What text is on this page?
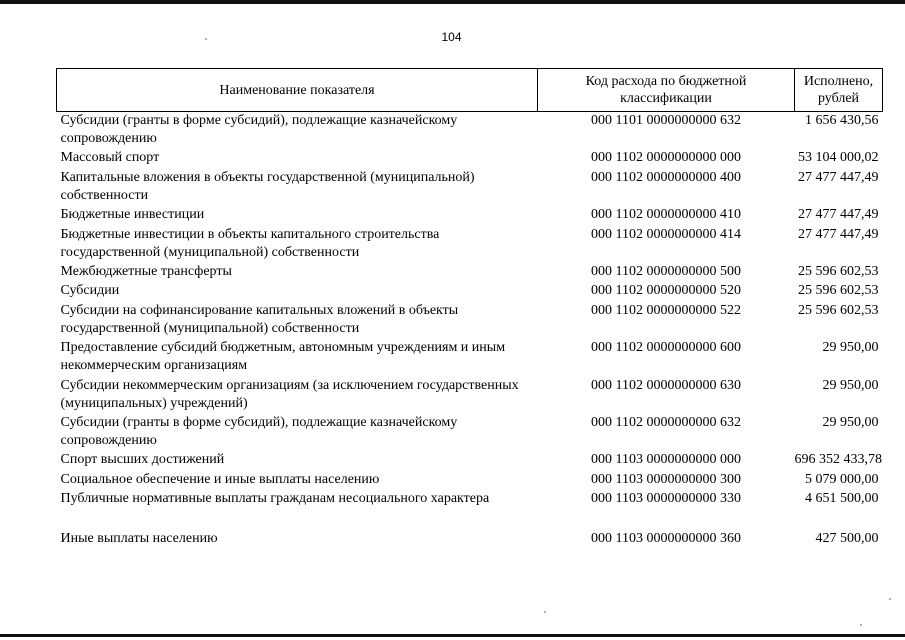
104
Наименование показателя	Код расхода по бюджетной классификации	Исполнено, рублей
Субсидии (гранты в форме субсидий), подлежащие казначейскому сопровождению	000 1101 0000000000 632	1 656 430,56
Массовый спорт	000 1102 0000000000 000	53 104 000,02
Капитальные вложения в объекты государственной (муниципальной) собственности	000 1102 0000000000 400	27 477 447,49
Бюджетные инвестиции	000 1102 0000000000 410	27 477 447,49
Бюджетные инвестиции в объекты капитального строительства государственной (муниципальной) собственности	000 1102 0000000000 414	27 477 447,49
Межбюджетные трансферты	000 1102 0000000000 500	25 596 602,53
Субсидии	000 1102 0000000000 520	25 596 602,53
Субсидии на софинансирование капитальных вложений в объекты государственной (муниципальной) собственности	000 1102 0000000000 522	25 596 602,53
Предоставление субсидий бюджетным, автономным учреждениям и иным некоммерческим организациям	000 1102 0000000000 600	29 950,00
Субсидии некоммерческим организациям (за исключением государственных (муниципальных) учреждений)	000 1102 0000000000 630	29 950,00
Субсидии (гранты в форме субсидий), подлежащие казначейскому сопровождению	000 1102 0000000000 632	29 950,00
Спорт высших достижений	000 1103 0000000000 000	696 352 433,78
Социальное обеспечение и иные выплаты населению	000 1103 0000000000 300	5 079 000,00
Публичные нормативные выплаты гражданам несоциального характера	000 1103 0000000000 330	4 651 500,00

Иные выплаты населению	000 1103 0000000000 360	427 500,00
